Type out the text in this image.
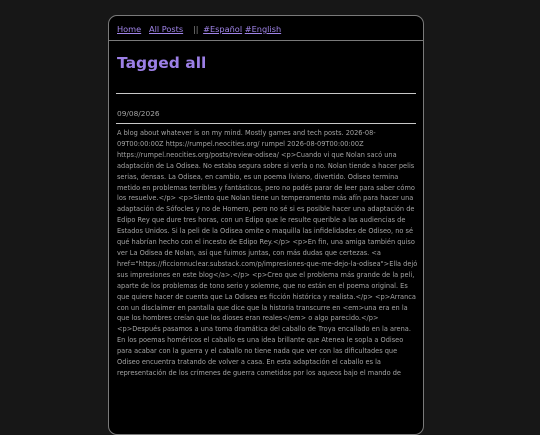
Home All Posts || #Español #English
Tagged all
09/08/2026

A blog about whatever is on my mind. Mostly games and tech posts. 2026-08-09T00:00:00Z https://rumpel.neocities.org/ rumpel 2026-08-09T00:00:00Z https://rumpel.neocities.org/posts/review-odisea/ <p>Cuando vi que Nolan sacó una adaptación de La Odisea. No estaba segura sobre si verla o no. Nolan tiende a hacer pelis serias, densas. La Odisea, en cambio, es un poema liviano, divertido. Odiseo termina metido en problemas terribles y fantásticos, pero no podés parar de leer para saber cómo los resuelve.</p> <p>Siento que Nolan tiene un temperamento más afín para hacer una adaptación de Sófocles y no de Homero, pero no sé si es posible hacer una adaptación de Edipo Rey que dure tres horas, con un Edipo que le resulte querible a las audiencias de Estados Unidos. Si la peli de la Odisea omite o maquilla las infidelidades de Odiseo, no sé qué habrían hecho con el incesto de Edipo Rey.</p> <p>En fin, una amiga también quiso ver La Odisea de Nolan, así que fuimos juntas, con más dudas que certezas. <a href="https://ficcionnuclear.substack.com/p/impresiones-que-me-dejo-la-odisea">Ella dejó sus impresiones en este blog</a>.</p> <p>Creo que el problema más grande de la peli, aparte de los problemas de tono serio y solemne, que no están en el poema original. Es que quiere hacer de cuenta que La Odisea es ficción histórica y realista.</p> <p>Arranca con un disclaimer en pantalla que dice que la historia transcurre en <em>una era en la que los hombres creían que los dioses eran reales</em> o algo parecido.</p> <p>Después pasamos a una toma dramática del caballo de Troya encallado en la arena. En los poemas homéricos el caballo es una idea brillante que Atenea le sopla a Odiseo para acabar con la guerra y el caballo no tiene nada que ver con las dificultades que Odiseo encuentra tratando de volver a casa. En esta adaptación el caballo es la representación de los crímenes de guerra cometidos por los aqueos bajo el mando de
